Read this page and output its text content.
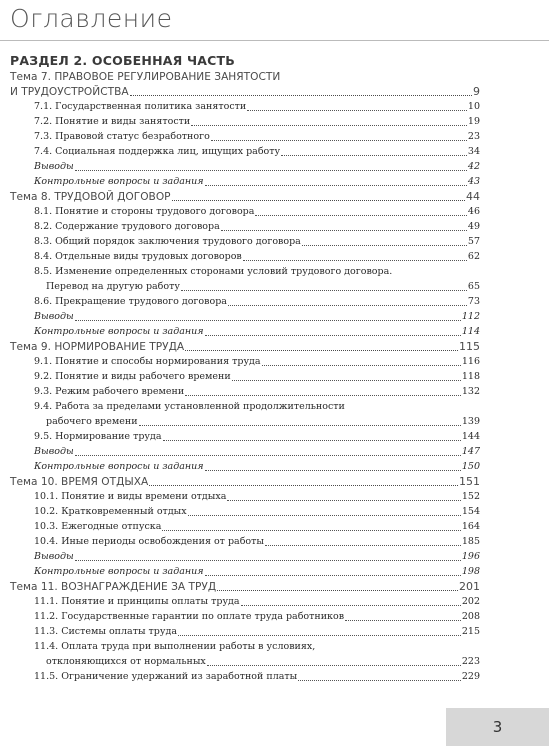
Оглавление
РАЗДЕЛ 2. ОСОБЕННАЯ ЧАСТЬ
Тема 7. ПРАВОВОЕ РЕГУЛИРОВАНИЕ ЗАНЯТОСТИ
И ТРУДОУСТРОЙСТВА	9
7.1. Государственная политика занятости	10
7.2. Понятие и виды занятости	19
7.3. Правовой статус безработного	23
7.4. Социальная поддержка лиц, ищущих работу	34
Выводы	42
Контрольные вопросы и задания	43
Тема 8. ТРУДОВОЙ ДОГОВОР	44
8.1. Понятие и стороны трудового договора	46
8.2. Содержание трудового договора	49
8.3. Общий порядок заключения трудового договора	57
8.4. Отдельные виды трудовых договоров	62
8.5. Изменение определенных сторонами условий трудового договора.
Перевод на другую работу	65
8.6. Прекращение трудового договора	73
Выводы	112
Контрольные вопросы и задания	114
Тема 9. НОРМИРОВАНИЕ ТРУДА	115
9.1. Понятие и способы нормирования труда	116
9.2. Понятие и виды рабочего времени	118
9.3. Режим рабочего времени	132
9.4. Работа за пределами установленной продолжительности
рабочего времени	139
9.5. Нормирование труда	144
Выводы	147
Контрольные вопросы и задания	150
Тема 10. ВРЕМЯ ОТДЫХА	151
10.1. Понятие и виды времени отдыха	152
10.2. Кратковременный отдых	154
10.3. Ежегодные отпуска	164
10.4. Иные периоды освобождения от работы	185
Выводы	196
Контрольные вопросы и задания	198
Тема 11. ВОЗНАГРАЖДЕНИЕ ЗА ТРУД	201
11.1. Понятие и принципы оплаты труда	202
11.2. Государственные гарантии по оплате труда работников	208
11.3. Системы оплаты труда	215
11.4. Оплата труда при выполнении работы в условиях,
отклоняющихся от нормальных	223
11.5. Ограничение удержаний из заработной платы	229
3
